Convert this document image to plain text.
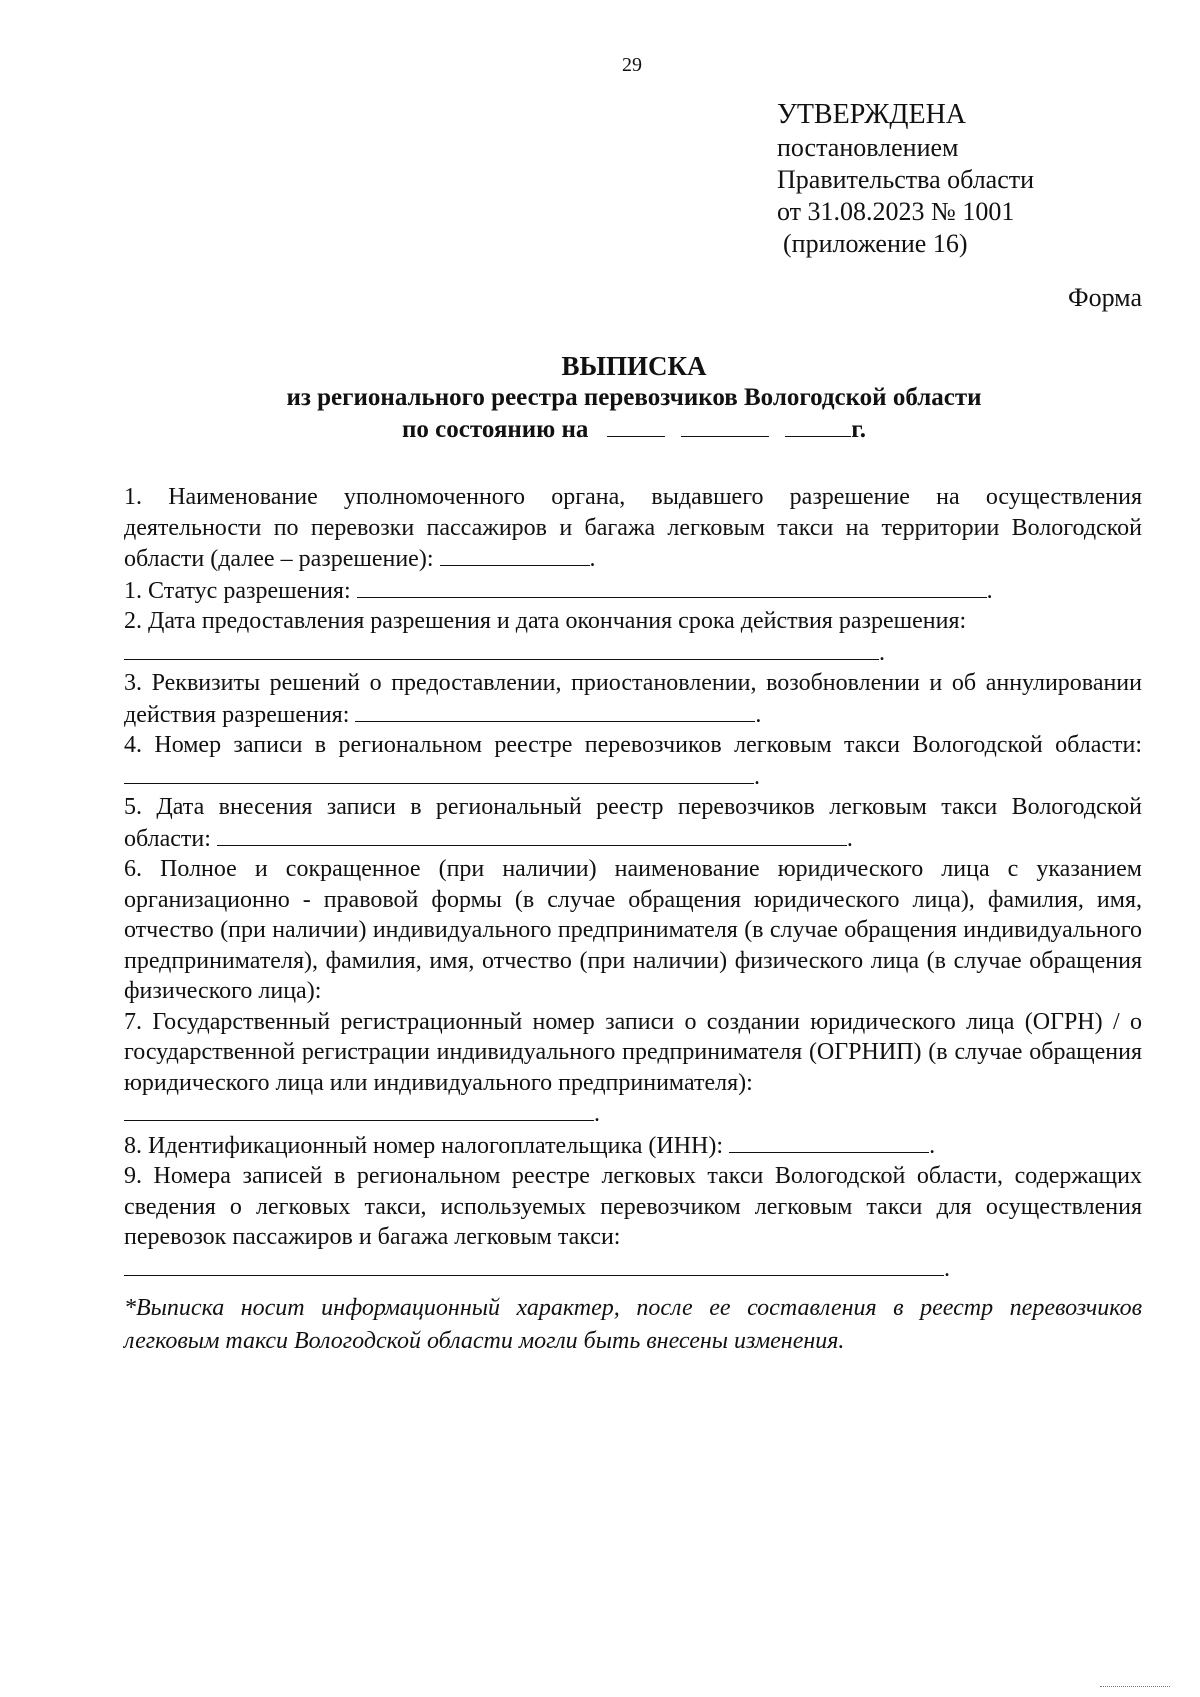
29
УТВЕРЖДЕНА
постановлением
Правительства области
от 31.08.2023 № 1001
(приложение 16)
Форма
ВЫПИСКА
из регионального реестра перевозчиков Вологодской области
по состоянию на	г.

1. Наименование уполномоченного органа, выдавшего разрешение на осуществления деятельности по перевозки пассажиров и багажа легковым такси на территории Вологодской области (далее – разрешение):	.

1. Статус разрешения:	.

2. Дата предоставления разрешения и дата окончания срока действия разрешения:

.

3. Реквизиты решений о предоставлении, приостановлении, возобновлении и об аннулировании действия разрешения:	.

4. Номер записи в региональном реестре перевозчиков легковым такси Вологодской области: .

5. Дата внесения записи в региональный реестр перевозчиков легковым такси Вологодской области:	.

6. Полное и сокращенное (при наличии) наименование юридического лица с указанием организационно - правовой формы (в случае обращения юридического лица), фамилия, имя, отчество (при наличии) индивидуального предпринимателя (в случае обращения индивидуального предпринимателя), фамилия, имя, отчество (при наличии) физического лица (в случае обращения физического лица):

7. Государственный регистрационный номер записи о создании юридического лица (ОГРН) / о государственной регистрации индивидуального предпринимателя (ОГРНИП) (в случае обращения юридического лица или индивидуального предпринимателя):

.

8. Идентификационный номер налогоплательщика (ИНН):	.

9. Номера записей в региональном реестре легковых такси Вологодской области, содержащих сведения о легковых такси, используемых перевозчиком легковым такси для осуществления перевозок пассажиров и багажа легковым такси:

.

*Выписка носит информационный характер, после ее составления в реестр перевозчиков легковым такси Вологодской области могли быть внесены изменения.
